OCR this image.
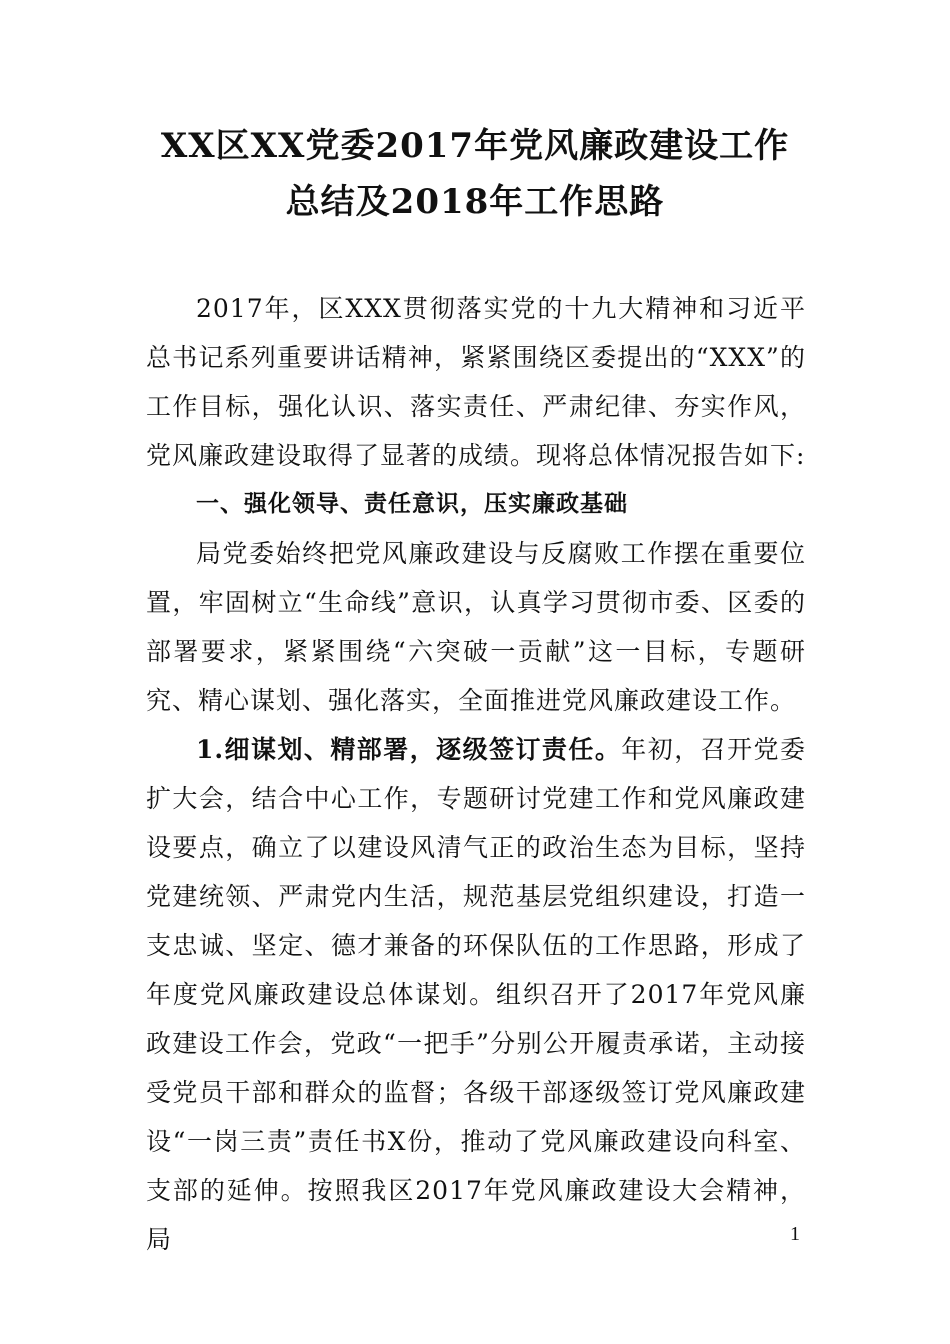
XX区XX党委2017年党风廉政建设工作
总结及2018年工作思路

2017年，区XXX贯彻落实党的十九大精神和习近平总书记系列重要讲话精神，紧紧围绕区委提出的“XXX”的工作目标，强化认识、落实责任、严肃纪律、夯实作风，党风廉政建设取得了显著的成绩。现将总体情况报告如下:

一、强化领导、责任意识，压实廉政基础

局党委始终把党风廉政建设与反腐败工作摆在重要位置，牢固树立“生命线”意识，认真学习贯彻市委、区委的部署要求，紧紧围绕“六突破一贡献”这一目标，专题研究、精心谋划、强化落实，全面推进党风廉政建设工作。

1.细谋划、精部署，逐级签订责任。年初，召开党委扩大会，结合中心工作，专题研讨党建工作和党风廉政建设要点，确立了以建设风清气正的政治生态为目标，坚持党建统领、严肃党内生活，规范基层党组织建设，打造一支忠诚、坚定、德才兼备的环保队伍的工作思路，形成了年度党风廉政建设总体谋划。组织召开了2017年党风廉政建设工作会，党政“一把手”分别公开履责承诺，主动接受党员干部和群众的监督；各级干部逐级签订党风廉政建设“一岗三责”责任书X份，推动了党风廉政建设向科室、支部的延伸。按照我区2017年党风廉政建设大会精神，局	1
